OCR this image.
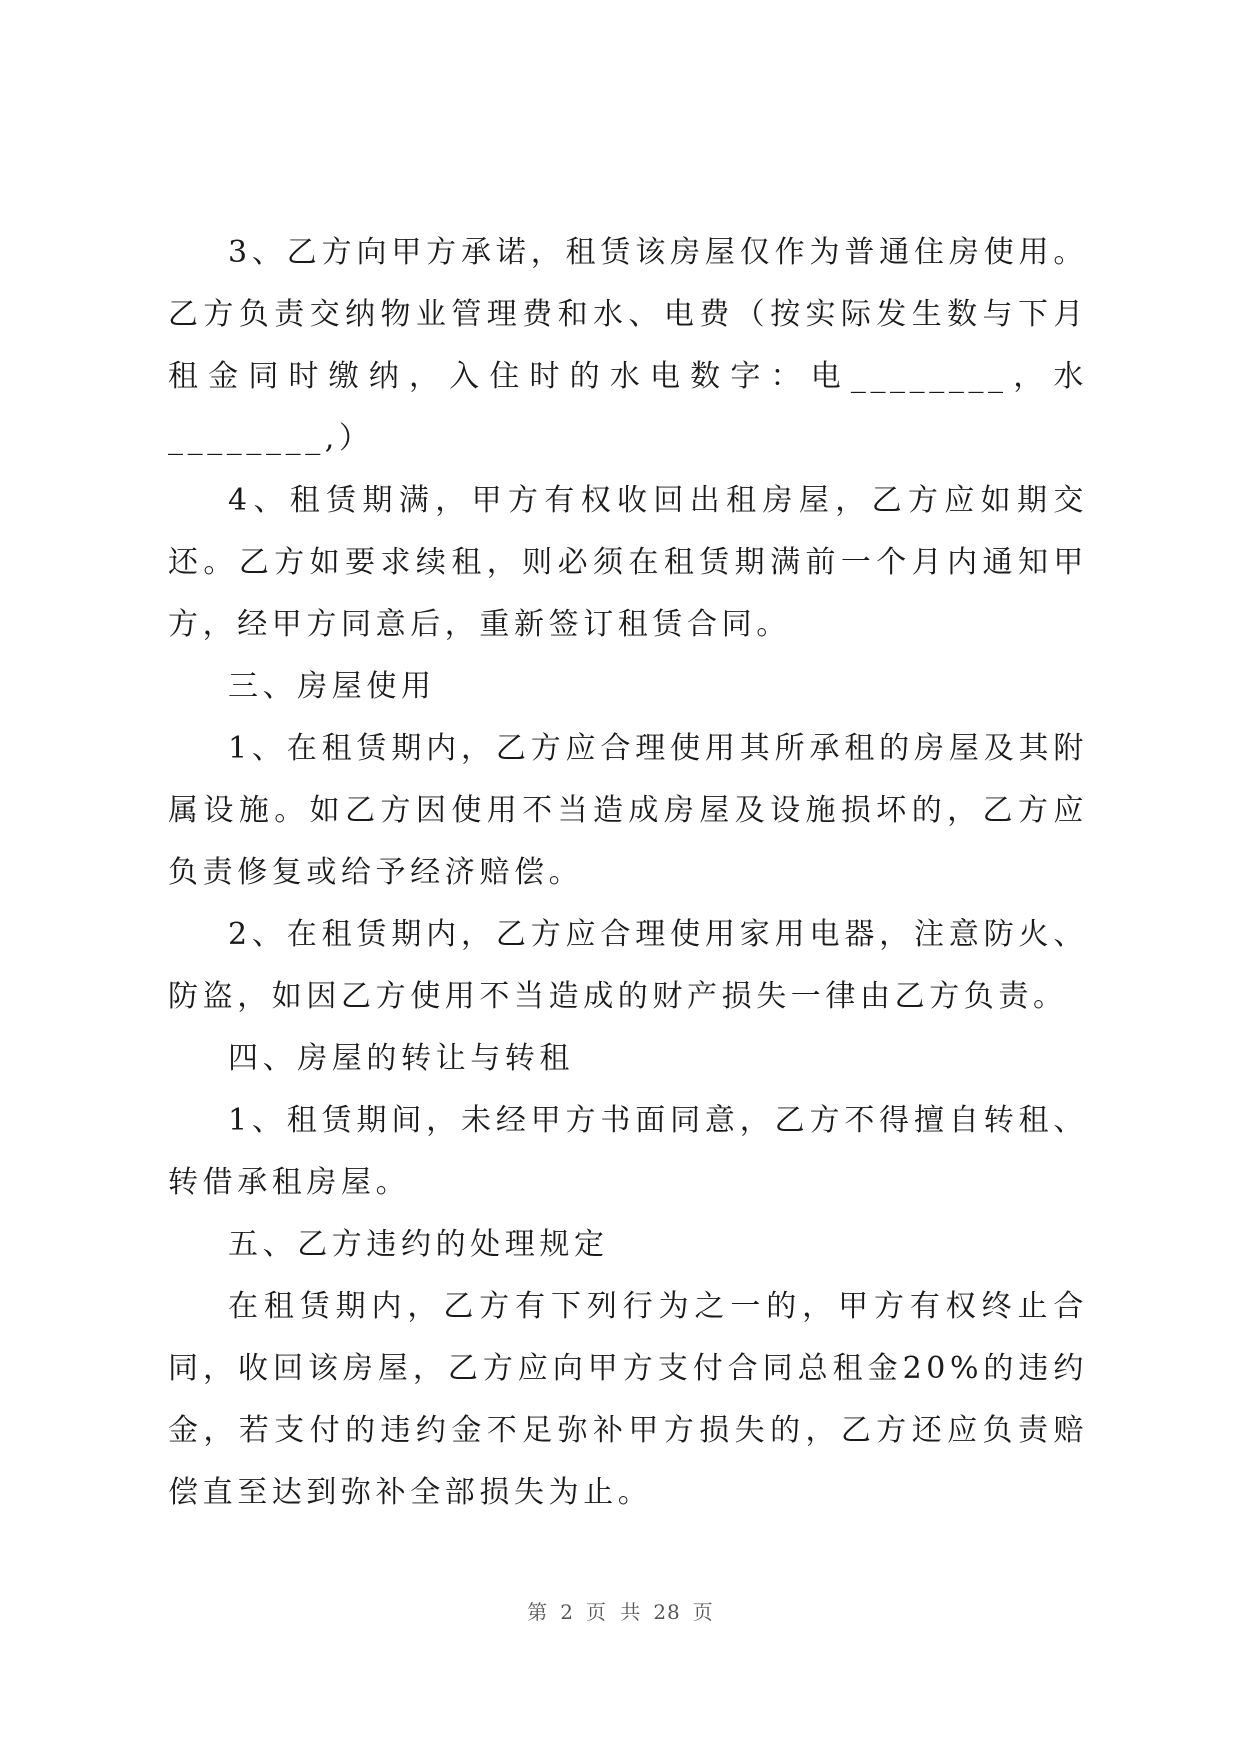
3、乙方向甲方承诺，租赁该房屋仅作为普通住房使用。乙方负责交纳物业管理费和水、电费（按实际发生数与下月租金同时缴纳，入住时的水电数字：电________，水________,）

4、租赁期满，甲方有权收回出租房屋，乙方应如期交还。乙方如要求续租，则必须在租赁期满前一个月内通知甲方，经甲方同意后，重新签订租赁合同。

三、房屋使用

1、在租赁期内，乙方应合理使用其所承租的房屋及其附属设施。如乙方因使用不当造成房屋及设施损坏的，乙方应负责修复或给予经济赔偿。

2、在租赁期内，乙方应合理使用家用电器，注意防火、防盗，如因乙方使用不当造成的财产损失一律由乙方负责。

四、房屋的转让与转租

1、租赁期间，未经甲方书面同意，乙方不得擅自转租、转借承租房屋。

五、乙方违约的处理规定

在租赁期内，乙方有下列行为之一的，甲方有权终止合同，收回该房屋，乙方应向甲方支付合同总租金20%的违约金，若支付的违约金不足弥补甲方损失的，乙方还应负责赔偿直至达到弥补全部损失为止。

第 2 页 共 28 页
